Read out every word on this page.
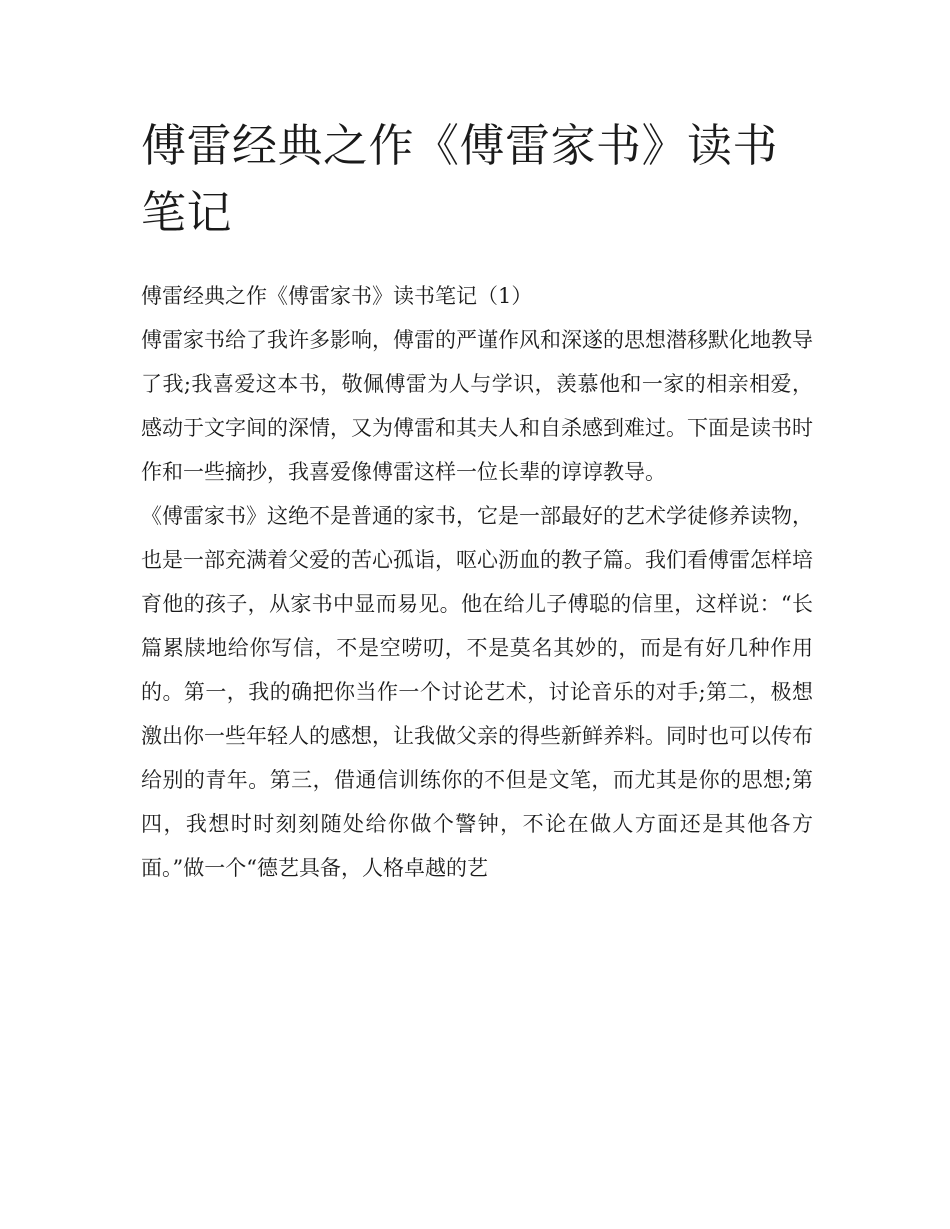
傅雷经典之作《傅雷家书》读书笔记

傅雷经典之作《傅雷家书》读书笔记（1）

傅雷家书给了我许多影响，傅雷的严谨作风和深遂的思想潜移默化地教导了我;我喜爱这本书，敬佩傅雷为人与学识，羡慕他和一家的相亲相爱，感动于文字间的深情，又为傅雷和其夫人和自杀感到难过。下面是读书时作和一些摘抄，我喜爱像傅雷这样一位长辈的谆谆教导。

《傅雷家书》这绝不是普通的家书，它是一部最好的艺术学徒修养读物，也是一部充满着父爱的苦心孤诣，呕心沥血的教子篇。我们看傅雷怎样培育他的孩子，从家书中显而易见。他在给儿子傅聪的信里，这样说：“长篇累牍地给你写信，不是空唠叨，不是莫名其妙的，而是有好几种作用的。第一，我的确把你当作一个讨论艺术，讨论音乐的对手;第二，极想激出你一些年轻人的感想，让我做父亲的得些新鲜养料。同时也可以传布给别的青年。第三，借通信训练你的不但是文笔，而尤其是你的思想;第四，我想时时刻刻随处给你做个警钟，不论在做人方面还是其他各方面。”做一个“德艺具备，人格卓越的艺
